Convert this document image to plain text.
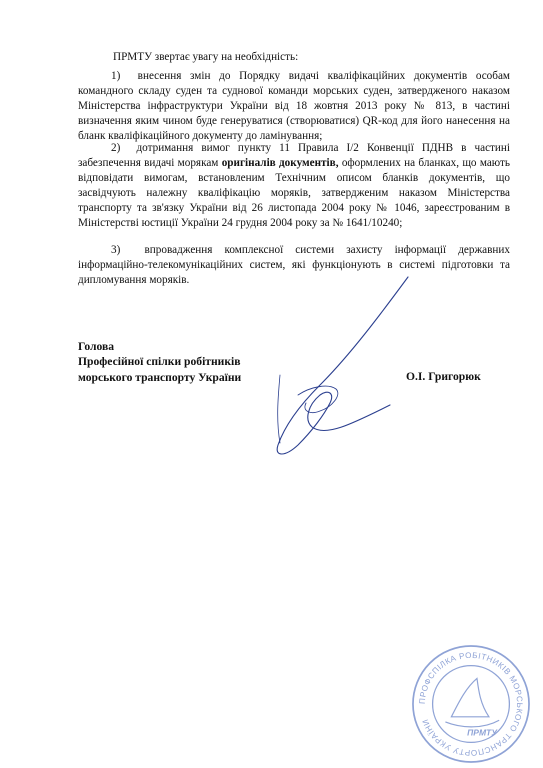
ПРМТУ звертає увагу на необхідність:

1) внесення змін до Порядку видачі кваліфікаційних документів особам командного складу суден та суднової команди морських суден, затвердженого наказом Міністерства інфраструктури України від 18 жовтня 2013 року № 813, в частині визначення яким чином буде генеруватися (створюватися) QR-код для його нанесення на бланк кваліфікаційного документу до ламінування;

2) дотримання вимог пункту 11 Правила І/2 Конвенції ПДНВ в частині забезпечення видачі морякам оригіналів документів, оформлених на бланках, що мають відповідати вимогам, встановленим Технічним описом бланків документів, що засвідчують належну кваліфікацію моряків, затвердженим наказом Міністерства транспорту та зв'язку України від 26 листопада 2004 року № 1046, зареєстрованим в Міністерстві юстиції України 24 грудня 2004 року за № 1641/10240;

3) впровадження комплексної системи захисту інформації державних інформаційно-телекомунікаційних систем, які функціонують в системі підготовки та дипломування моряків.

Голова
Професійної спілки робітників
морського транспорту України	О.І. Григорюк
ПРОФСПІЛКА РОБІТНИКІВ МОРСЬКОГО ТРАНСПОРТУ УКРАЇНИ
ПРМТУ
